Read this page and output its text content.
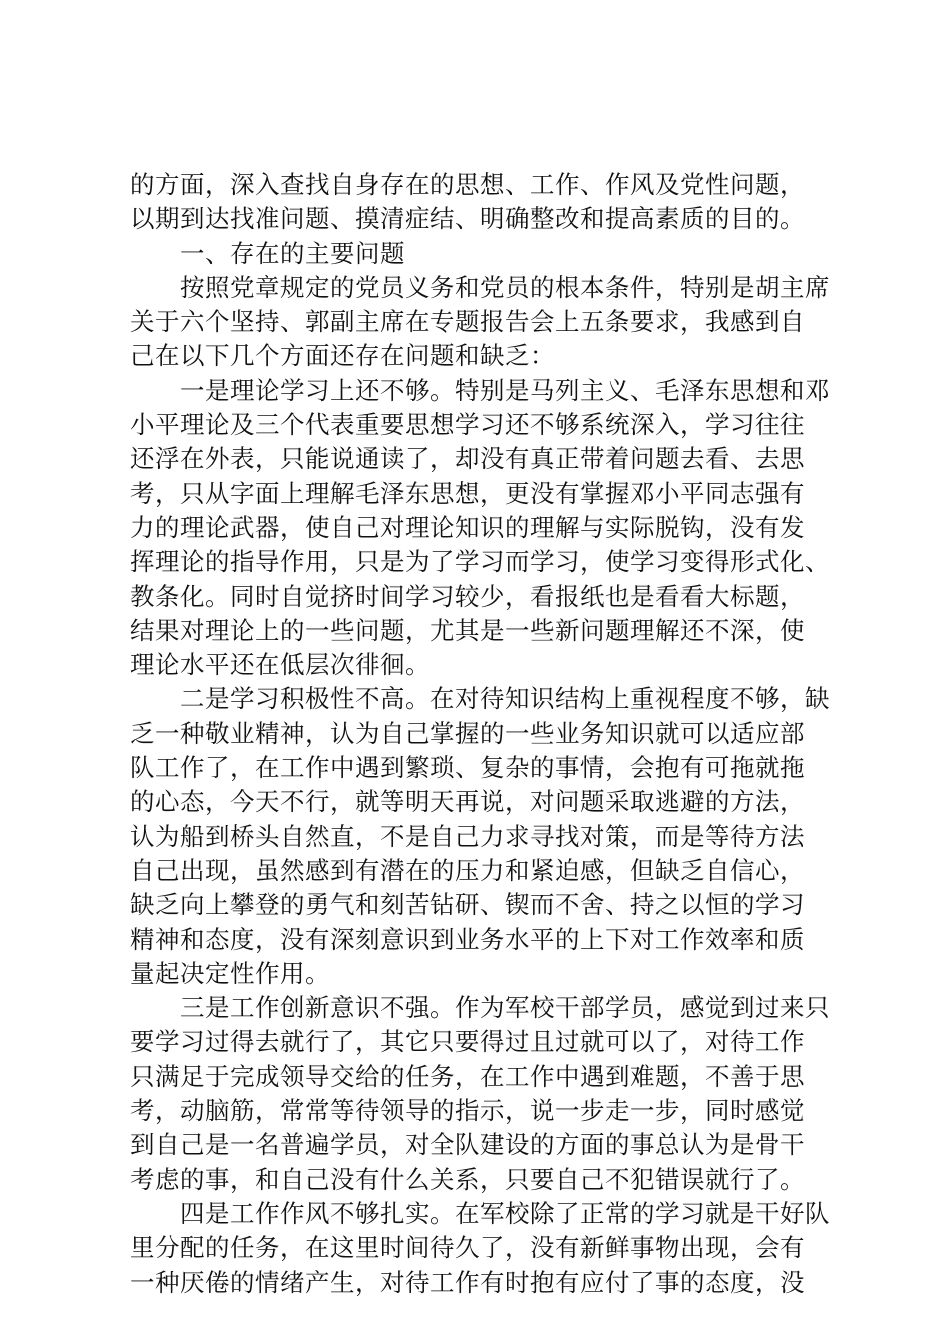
的方面，深入查找自身存在的思想、工作、作风及党性问题，
以期到达找准问题、摸清症结、明确整改和提高素质的目的。
一、存在的主要问题
按照党章规定的党员义务和党员的根本条件，特别是胡主席
关于六个坚持、郭副主席在专题报告会上五条要求，我感到自
己在以下几个方面还存在问题和缺乏：
一是理论学习上还不够。特别是马列主义、毛泽东思想和邓
小平理论及三个代表重要思想学习还不够系统深入，学习往往
还浮在外表，只能说通读了，却没有真正带着问题去看、去思
考，只从字面上理解毛泽东思想，更没有掌握邓小平同志强有
力的理论武器，使自己对理论知识的理解与实际脱钩，没有发
挥理论的指导作用，只是为了学习而学习，使学习变得形式化、
教条化。同时自觉挤时间学习较少，看报纸也是看看大标题，
结果对理论上的一些问题，尤其是一些新问题理解还不深，使
理论水平还在低层次徘徊。
二是学习积极性不高。在对待知识结构上重视程度不够，缺
乏一种敬业精神，认为自己掌握的一些业务知识就可以适应部
队工作了，在工作中遇到繁琐、复杂的事情，会抱有可拖就拖
的心态，今天不行，就等明天再说，对问题采取逃避的方法，
认为船到桥头自然直，不是自己力求寻找对策，而是等待方法
自己出现，虽然感到有潜在的压力和紧迫感，但缺乏自信心，
缺乏向上攀登的勇气和刻苦钻研、锲而不舍、持之以恒的学习
精神和态度，没有深刻意识到业务水平的上下对工作效率和质
量起决定性作用。
三是工作创新意识不强。作为军校干部学员，感觉到过来只
要学习过得去就行了，其它只要得过且过就可以了，对待工作
只满足于完成领导交给的任务，在工作中遇到难题，不善于思
考，动脑筋，常常等待领导的指示，说一步走一步，同时感觉
到自己是一名普遍学员，对全队建设的方面的事总认为是骨干
考虑的事，和自己没有什么关系，只要自己不犯错误就行了。
四是工作作风不够扎实。在军校除了正常的学习就是干好队
里分配的任务，在这里时间待久了，没有新鲜事物出现，会有
一种厌倦的情绪产生，对待工作有时抱有应付了事的态度，没
